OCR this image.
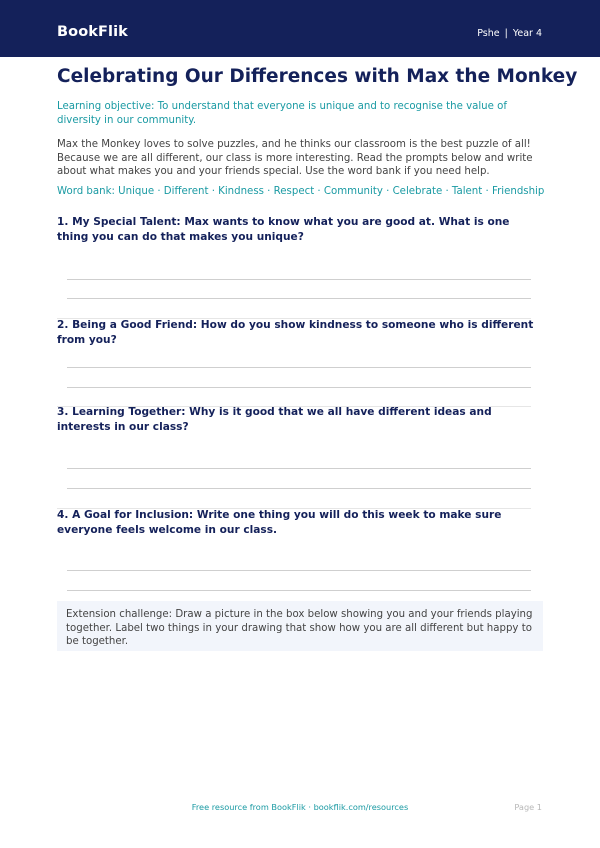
BookFlik	Pshe | Year 4
Celebrating Our Differences with Max the Monkey
Learning objective: To understand that everyone is unique and to recognise the value of diversity in our community.
Max the Monkey loves to solve puzzles, and he thinks our classroom is the best puzzle of all! Because we are all different, our class is more interesting. Read the prompts below and write about what makes you and your friends special. Use the word bank if you need help.
Word bank: Unique · Different · Kindness · Respect · Community · Celebrate · Talent · Friendship
1. My Special Talent: Max wants to know what you are good at. What is one thing you can do that makes you unique?
2. Being a Good Friend: How do you show kindness to someone who is different from you?
3. Learning Together: Why is it good that we all have different ideas and interests in our class?
4. A Goal for Inclusion: Write one thing you will do this week to make sure everyone feels welcome in our class.
Extension challenge: Draw a picture in the box below showing you and your friends playing together. Label two things in your drawing that show how you are all different but happy to be together.
Free resource from BookFlik · bookflik.com/resources	Page 1
